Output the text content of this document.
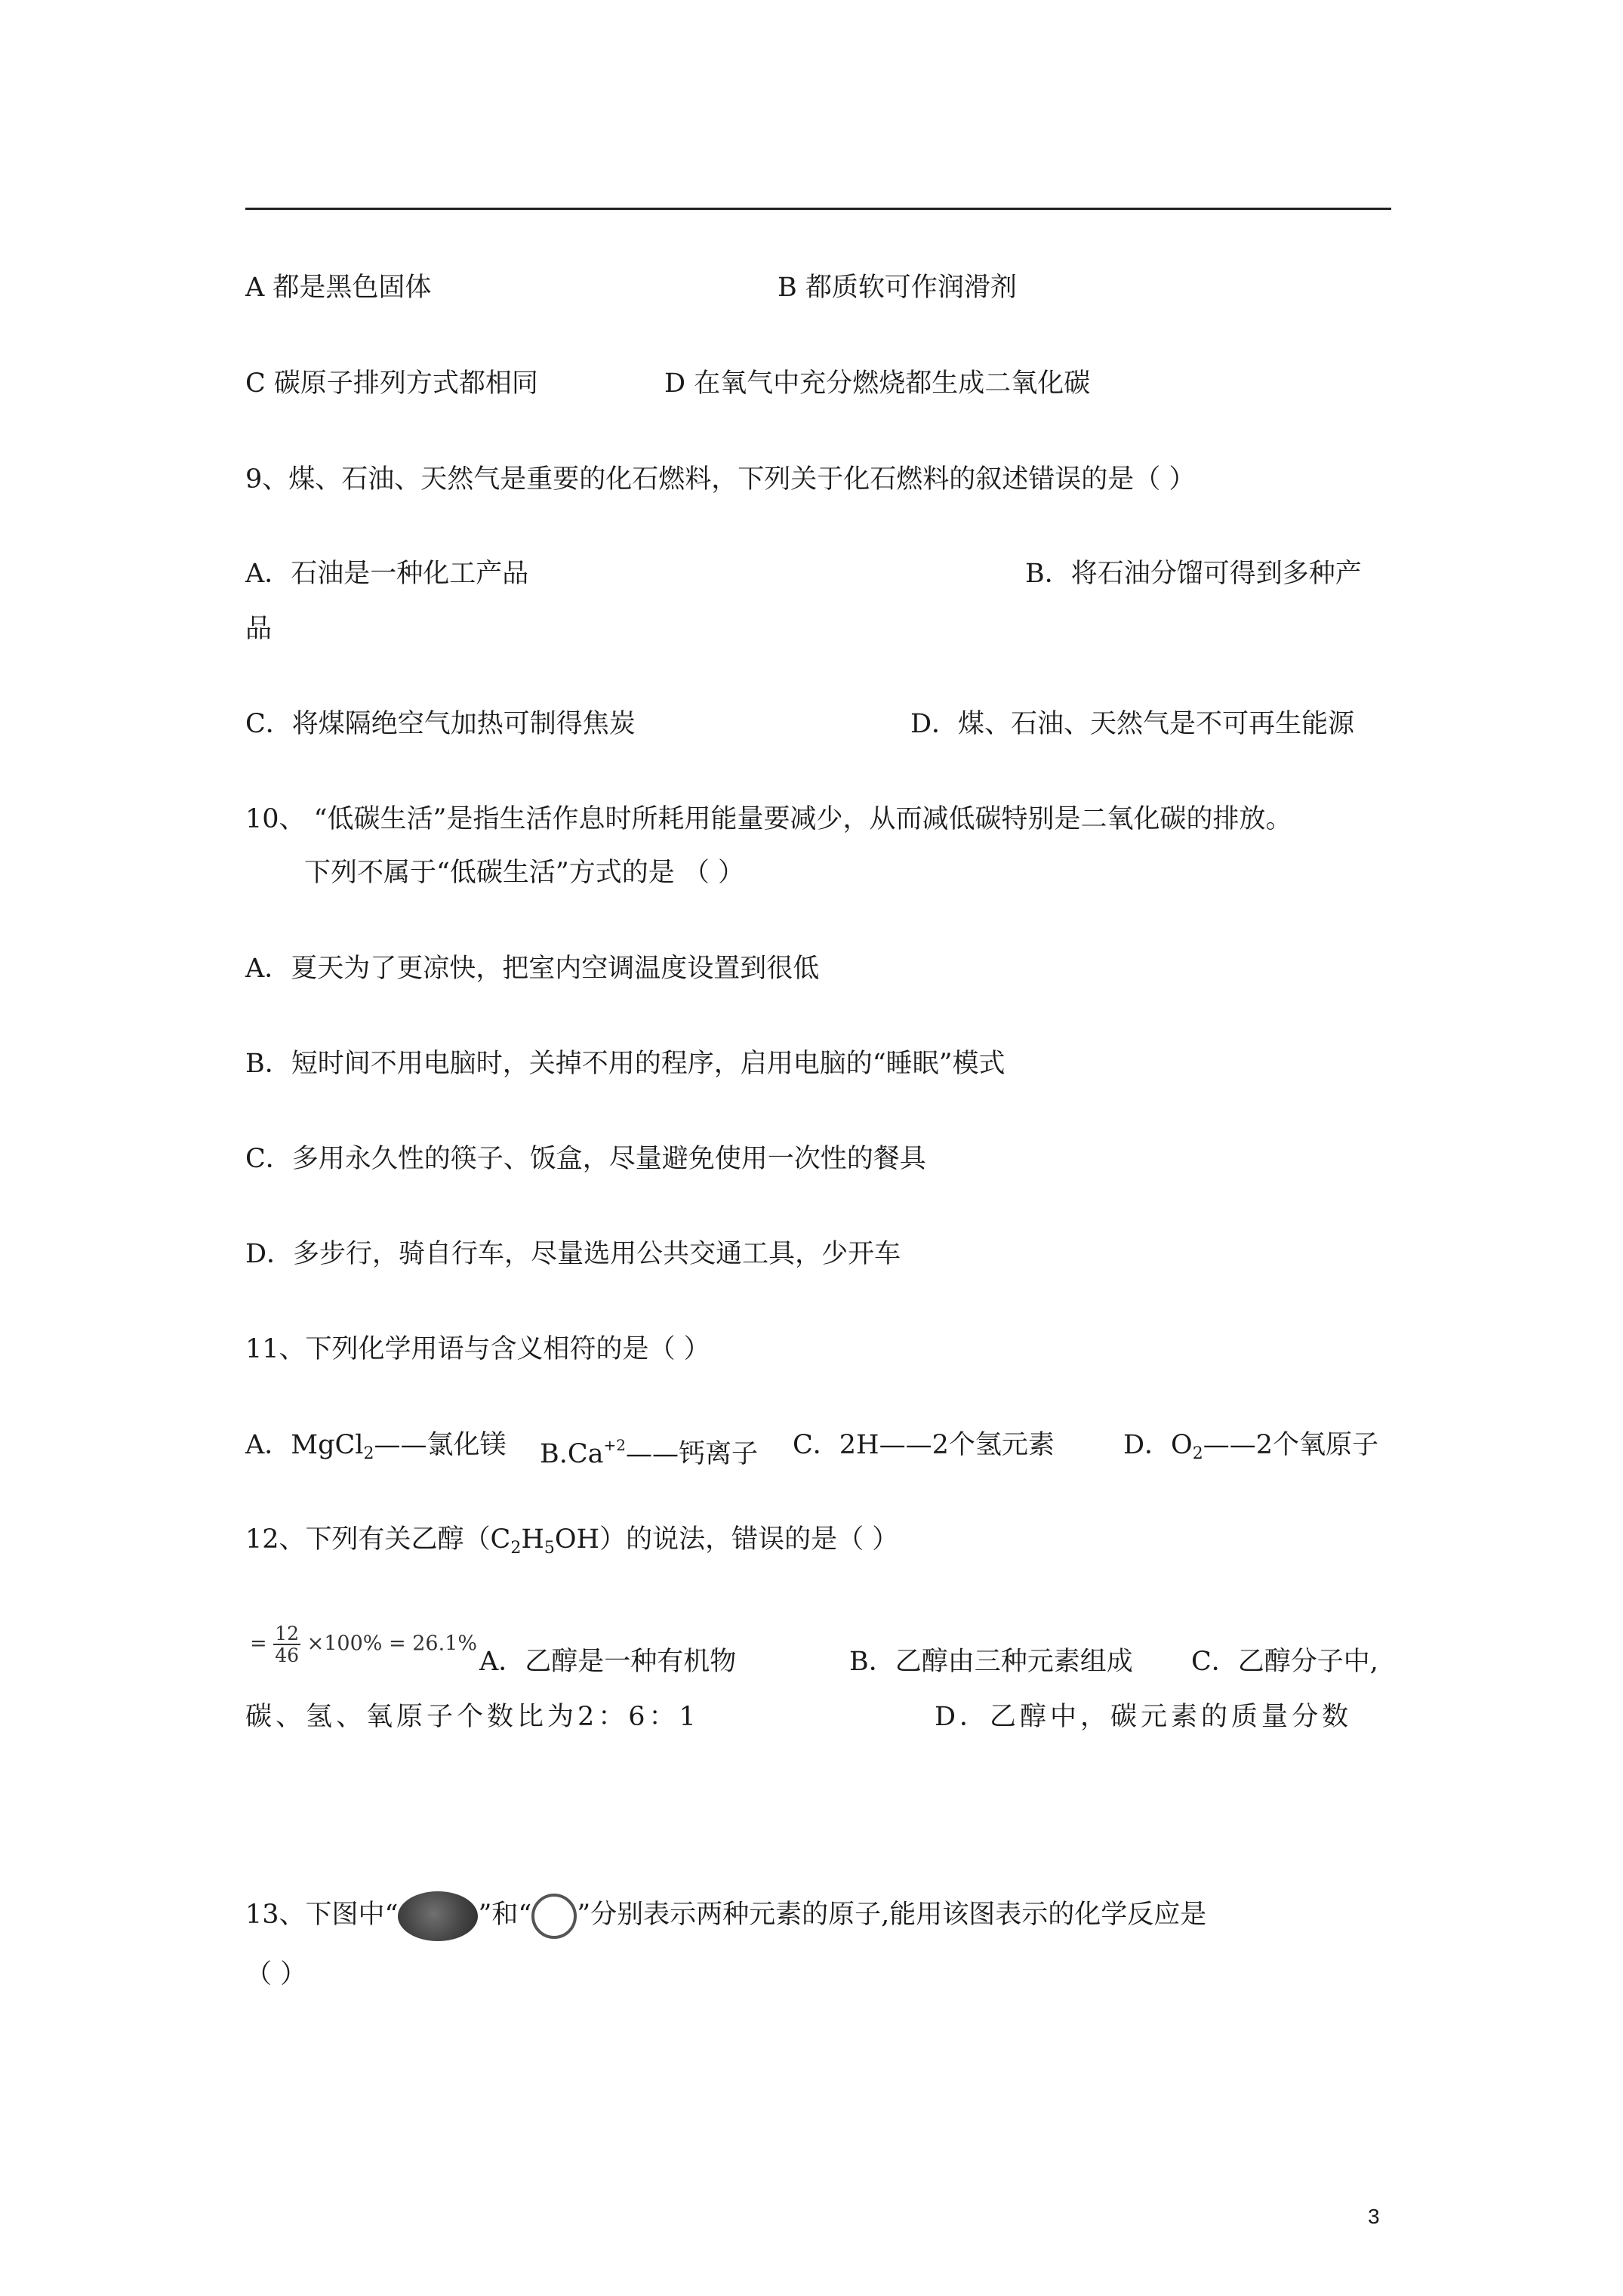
A 都是黑色固体	B 都质软可作润滑剂
C 碳原子排列方式都相同	D 在氧气中充分燃烧都生成二氧化碳
9、煤、石油、天然气是重要的化石燃料，下列关于化石燃料的叙述错误的是（ ）
A．石油是一种化工产品	B．将石油分馏可得到多种产
品
C．将煤隔绝空气加热可制得焦炭	D．煤、石油、天然气是不可再生能源
10、 “低碳生活”是指生活作息时所耗用能量要减少，从而减低碳特别是二氧化碳的排放。
下列不属于“低碳生活”方式的是 （ ）
A．夏天为了更凉快，把室内空调温度设置到很低
B．短时间不用电脑时，关掉不用的程序，启用电脑的“睡眠”模式
C．多用永久性的筷子、饭盒，尽量避免使用一次性的餐具
D．多步行，骑自行车，尽量选用公共交通工具，少开车
11、下列化学用语与含义相符的是（ ）
A．MgCl$_2$——氯化镁 $B.Ca^{+2}——$钙离子 C．2H——2个氢元素	D．$O_2——2$个氧原子
12、下列有关乙醇$(C_2H_5OH)$的说法，错误的是（ ）
= $\frac{12}{46} \times 100\% = 26.1\%$
A．乙醇是一种有机物	B．乙醇由三种元素组成 C．乙醇分子中,
碳、氢、氧原子个数比为2：6：1	D．乙醇中，碳元素的质量分数
13、下图中“	”和“ ”分别表示两种元素的原子,能用该图表示的化学反应是
（ ）
3
